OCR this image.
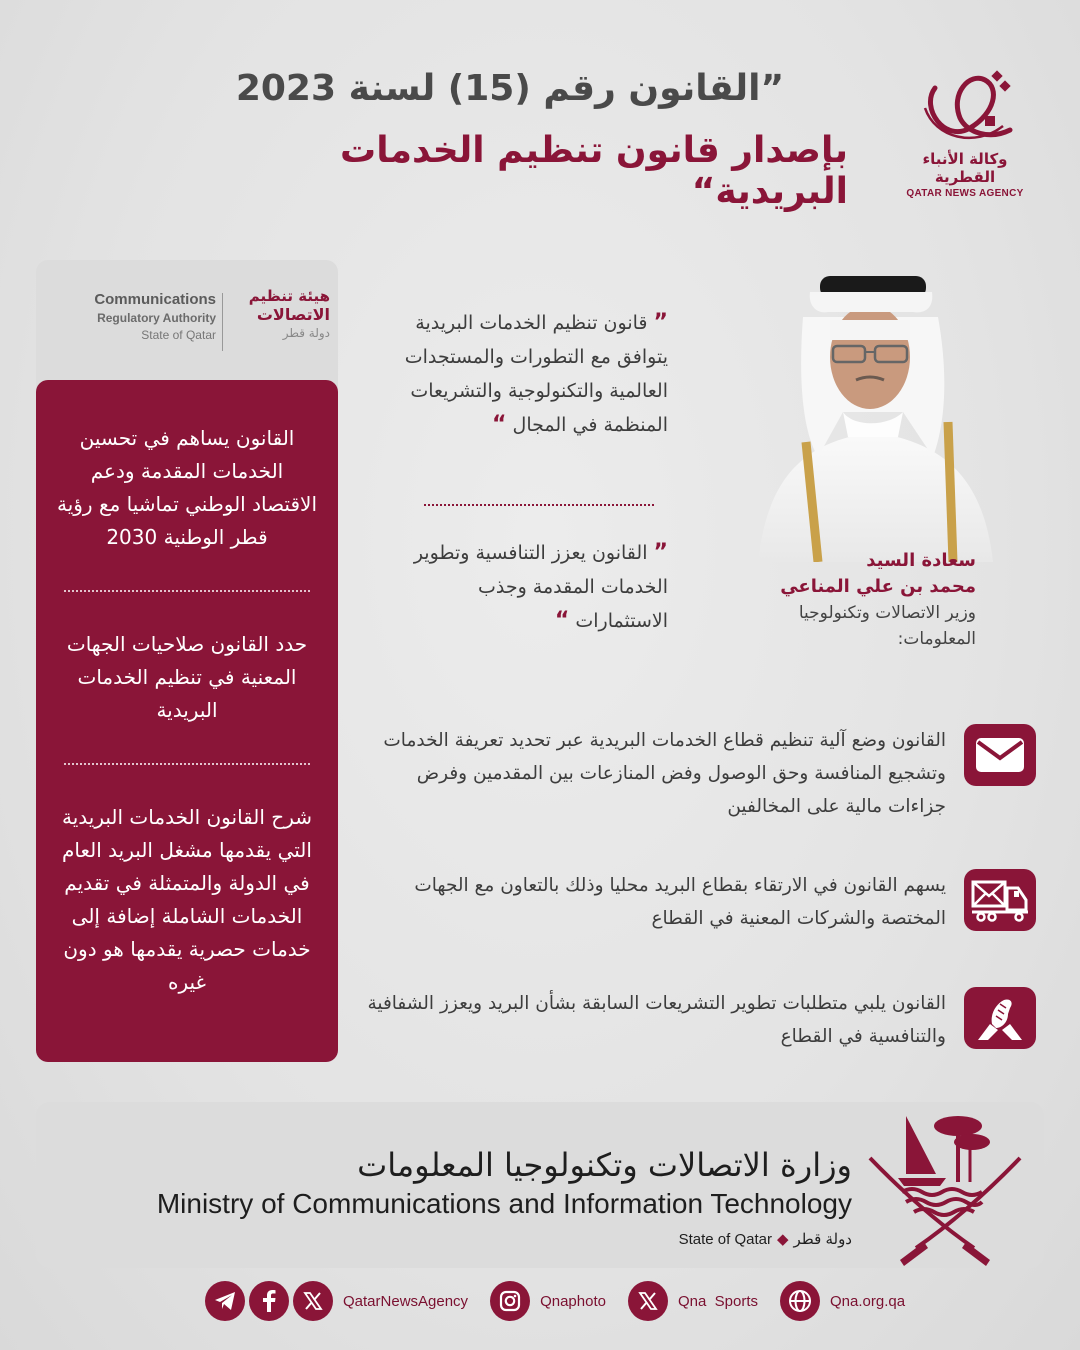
”القانون رقم (15) لسنة 2023
بإصدار قانون تنظيم الخدمات البريدية“
وكالة الأنباء القطرية
QATAR NEWS AGENCY
Communications
Regulatory Authority
State of Qatar
هيئة تنظيم
الاتصالات
دولة قطر
القانون يساهم في تحسين الخدمات المقدمة ودعم الاقتصاد الوطني تماشيا مع رؤية قطر الوطنية 2030
حدد القانون صلاحيات الجهات المعنية في تنظيم الخدمات البريدية
شرح القانون الخدمات البريدية التي يقدمها مشغل البريد العام في الدولة والمتمثلة في تقديم الخدمات الشاملة إضافة إلى خدمات حصرية يقدمها هو دون غيره
” قانون تنظيم الخدمات البريدية يتوافق مع التطورات والمستجدات العالمية والتكنولوجية والتشريعات المنظمة في المجال “
” القانون يعزز التنافسية وتطوير الخدمات المقدمة وجذب الاستثمارات “
سعادة السيد
محمد بن علي المناعي
وزير الاتصالات وتكنولوجيا المعلومات:
القانون وضع آلية تنظيم قطاع الخدمات البريدية عبر تحديد تعريفة الخدمات وتشجيع المنافسة وحق الوصول وفض المنازعات بين المقدمين وفرض جزاءات مالية على المخالفين
يسهم القانون في الارتقاء بقطاع البريد محليا وذلك بالتعاون مع الجهات المختصة والشركات المعنية في القطاع
القانون يلبي متطلبات تطوير التشريعات السابقة بشأن البريد ويعزز الشفافية والتنافسية في القطاع
وزارة الاتصالات وتكنولوجيا المعلومات
Ministry of Communications and Information Technology
State of Qatar ◆ دولة قطر
QatarNewsAgency	Qnaphoto	Qna  Sports	Qna.org.qa
